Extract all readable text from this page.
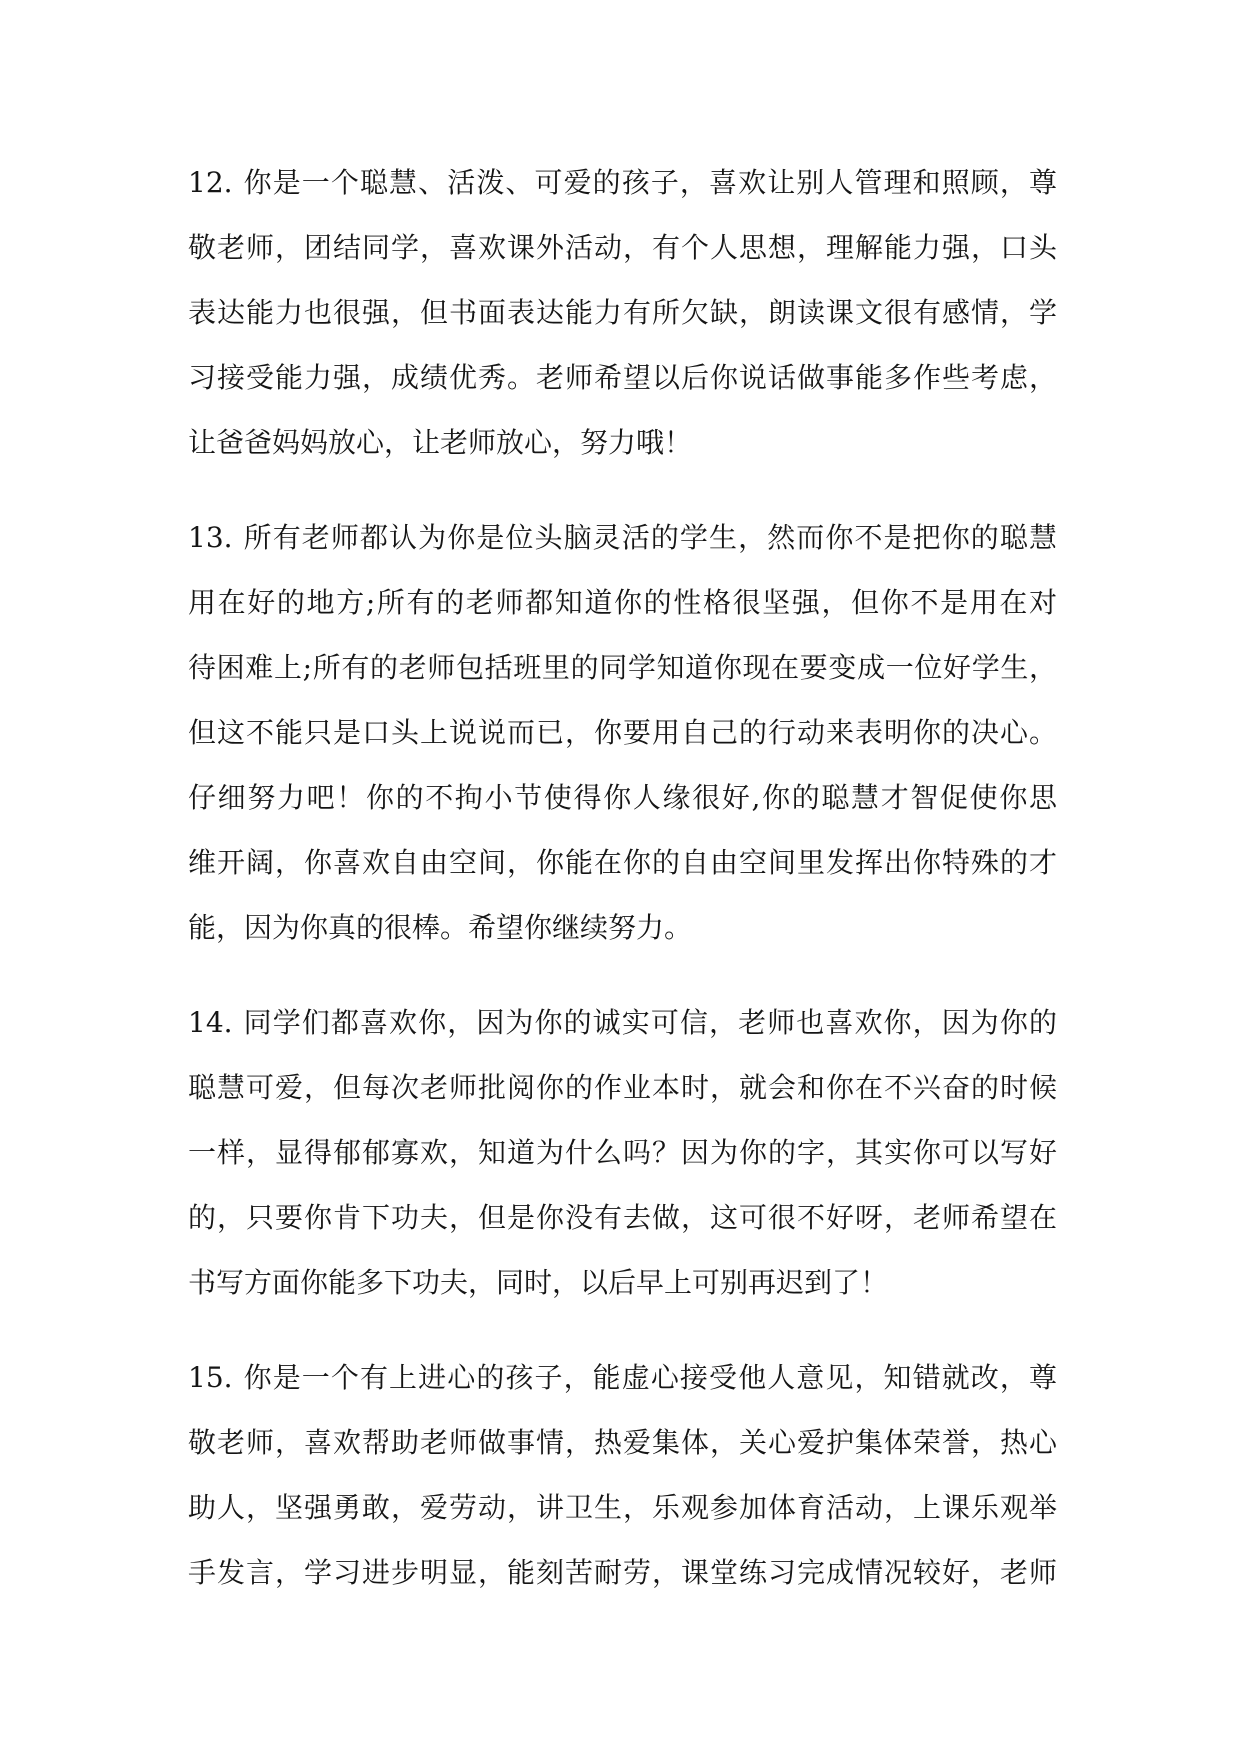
12. 你是一个聪慧、活泼、可爱的孩子，喜欢让别人管理和照顾，尊
敬老师，团结同学，喜欢课外活动，有个人思想，理解能力强，口头
表达能力也很强，但书面表达能力有所欠缺，朗读课文很有感情，学
习接受能力强，成绩优秀。老师希望以后你说话做事能多作些考虑，
让爸爸妈妈放心，让老师放心，努力哦！
13. 所有老师都认为你是位头脑灵活的学生，然而你不是把你的聪慧
用在好的地方;所有的老师都知道你的性格很坚强，但你不是用在对
待困难上;所有的老师包括班里的同学知道你现在要变成一位好学生，
但这不能只是口头上说说而已，你要用自己的行动来表明你的决心。
仔细努力吧！你的不拘小节使得你人缘很好,你的聪慧才智促使你思
维开阔，你喜欢自由空间，你能在你的自由空间里发挥出你特殊的才
能，因为你真的很棒。希望你继续努力。
14. 同学们都喜欢你，因为你的诚实可信，老师也喜欢你，因为你的
聪慧可爱，但每次老师批阅你的作业本时，就会和你在不兴奋的时候
一样，显得郁郁寡欢，知道为什么吗？因为你的字，其实你可以写好
的，只要你肯下功夫，但是你没有去做，这可很不好呀，老师希望在
书写方面你能多下功夫，同时，以后早上可别再迟到了！
15. 你是一个有上进心的孩子，能虚心接受他人意见，知错就改，尊
敬老师，喜欢帮助老师做事情，热爱集体，关心爱护集体荣誉，热心
助人，坚强勇敢，爱劳动，讲卫生，乐观参加体育活动，上课乐观举
手发言，学习进步明显，能刻苦耐劳，课堂练习完成情况较好，老师
